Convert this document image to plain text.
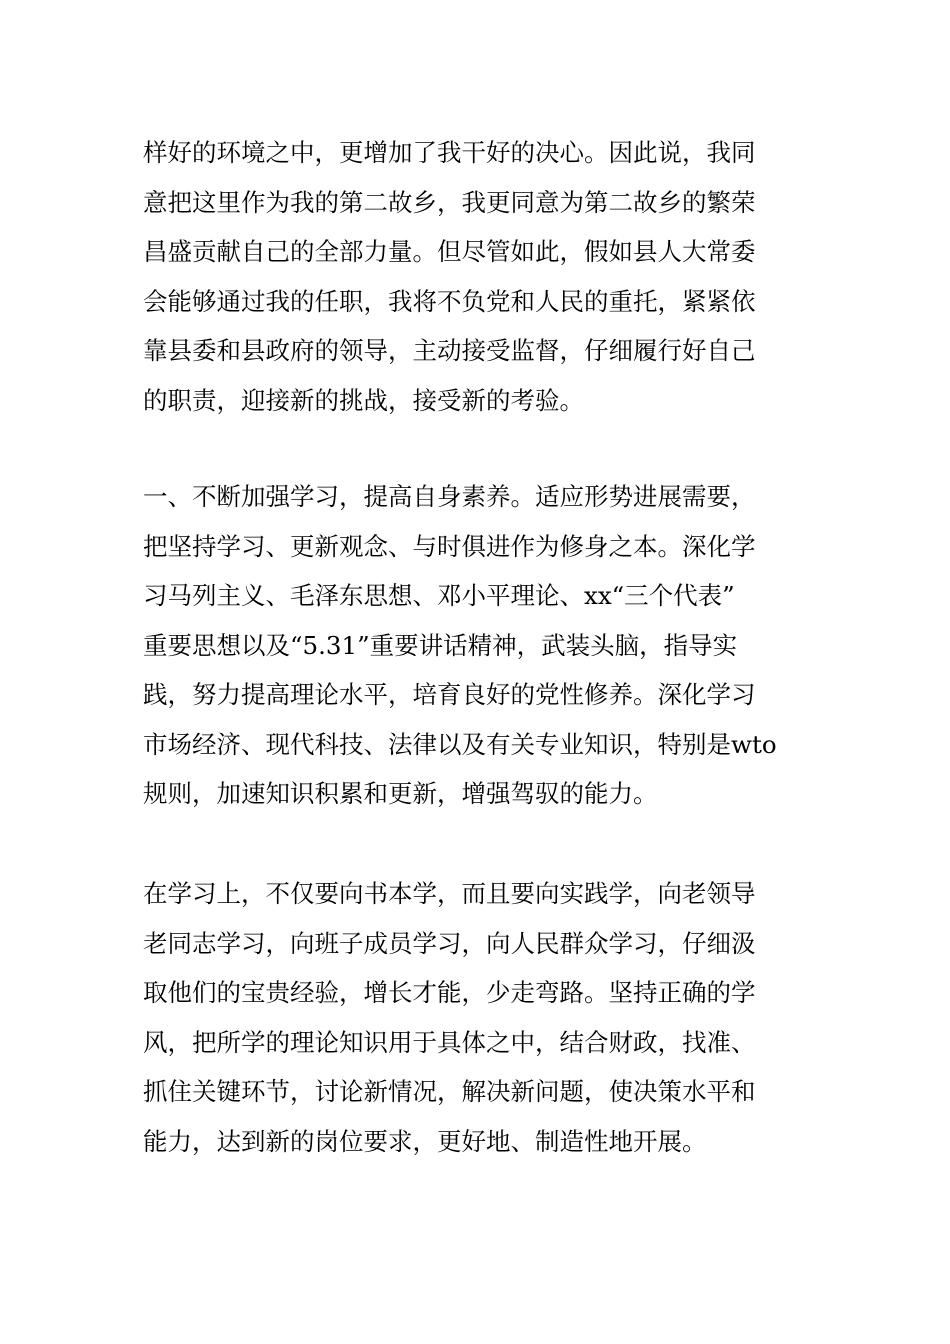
样好的环境之中，更增加了我干好的决心。因此说，我同
意把这里作为我的第二故乡，我更同意为第二故乡的繁荣
昌盛贡献自己的全部力量。但尽管如此，假如县人大常委
会能够通过我的任职，我将不负党和人民的重托，紧紧依
靠县委和县政府的领导，主动接受监督，仔细履行好自己
的职责，迎接新的挑战，接受新的考验。
一、不断加强学习，提高自身素养。适应形势进展需要，
把坚持学习、更新观念、与时俱进作为修身之本。深化学
习马列主义、毛泽东思想、邓小平理论、xx“三个代表”
重要思想以及“5.31”重要讲话精神，武装头脑，指导实
践，努力提高理论水平，培育良好的党性修养。深化学习
市场经济、现代科技、法律以及有关专业知识，特别是wto
规则，加速知识积累和更新，增强驾驭的能力。
在学习上，不仅要向书本学，而且要向实践学，向老领导
老同志学习，向班子成员学习，向人民群众学习，仔细汲
取他们的宝贵经验，增长才能，少走弯路。坚持正确的学
风，把所学的理论知识用于具体之中，结合财政，找准、
抓住关键环节，讨论新情况，解决新问题，使决策水平和
能力，达到新的岗位要求，更好地、制造性地开展。
